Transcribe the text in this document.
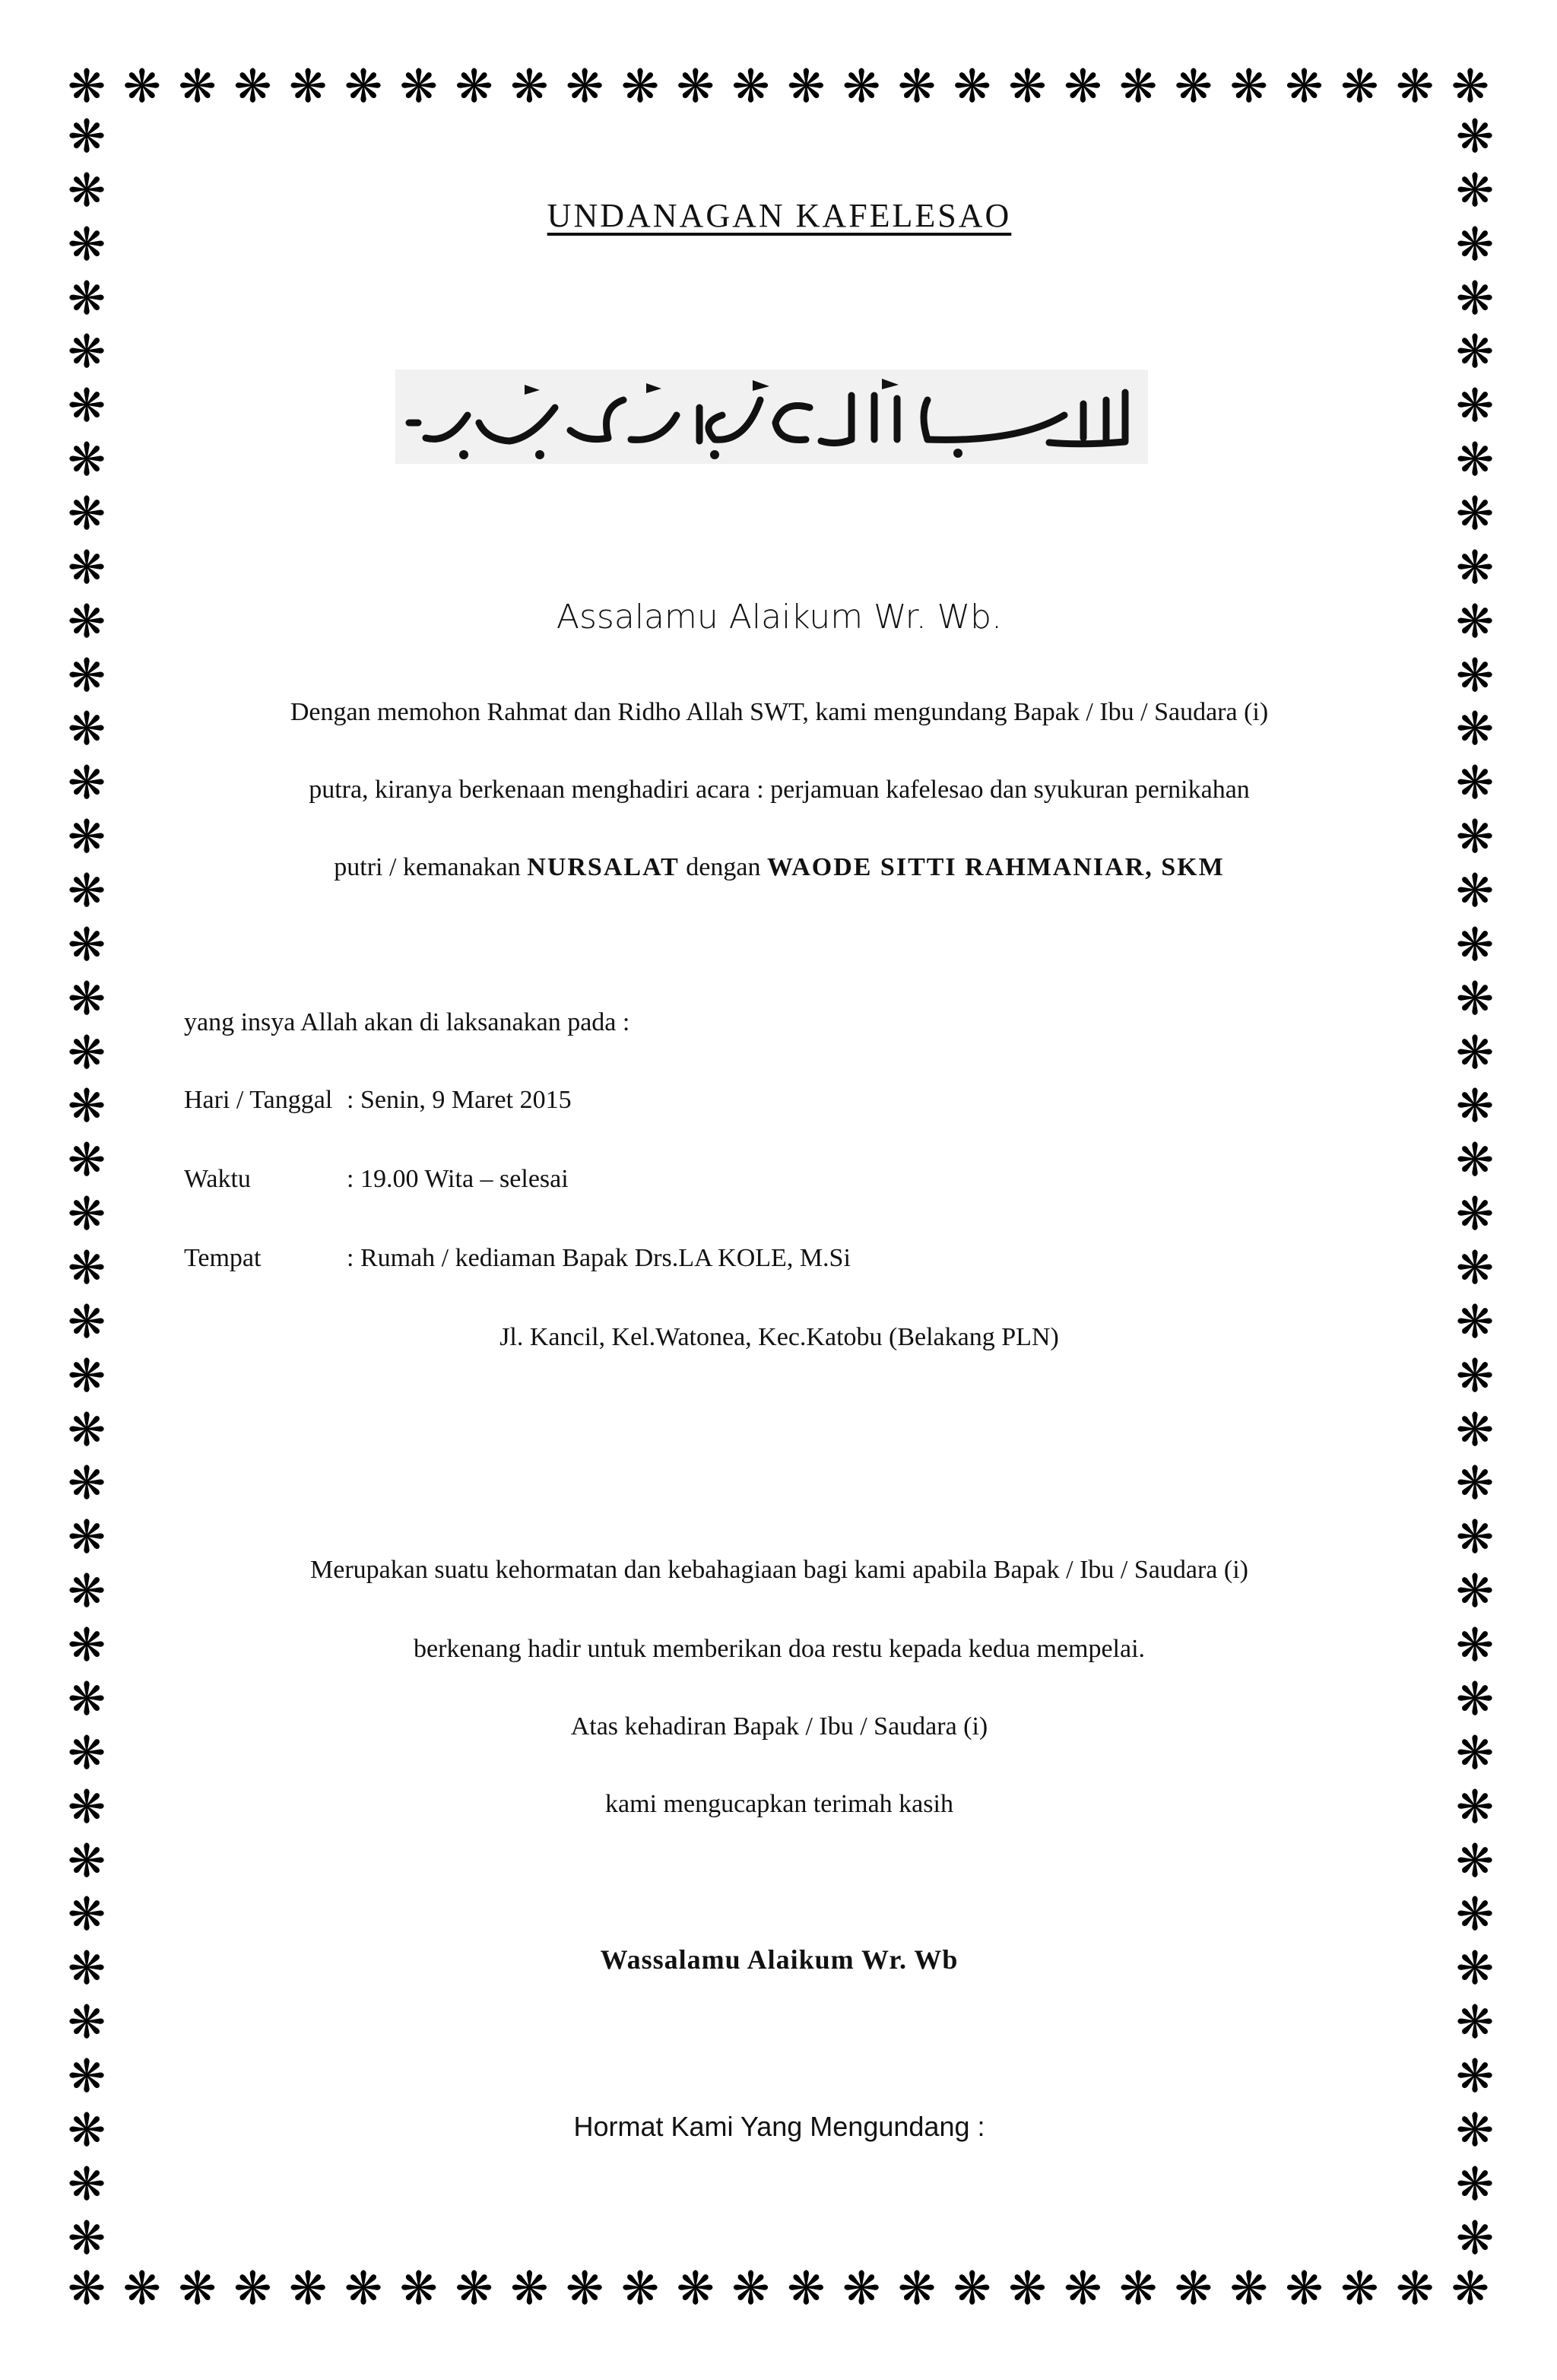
❋ ❋ ❋ ❋ ❋ ❋ ❋ ❋ ❋ ❋ ❋ ❋ ❋ ❋ ❋ ❋ ❋ ❋ ❋ ❋ ❋ ❋ ❋ ❋ ❋ ❋
❋ ❋ ❋ ❋ ❋ ❋ ❋ ❋ ❋ ❋ ❋ ❋ ❋ ❋ ❋ ❋ ❋ ❋ ❋ ❋ ❋ ❋ ❋ ❋ ❋ ❋
❋
❋
❋
❋
❋
❋
❋
❋
❋
❋
❋
❋
❋
❋
❋
❋
❋
❋
❋
❋
❋
❋
❋
❋
❋
❋
❋
❋
❋
❋
❋
❋
❋
❋
❋
❋
❋
❋
❋
❋
❋
❋
❋
❋
❋
❋
❋
❋
❋
❋
❋
❋
❋
❋
❋
❋
❋
❋
❋
❋
❋
❋
❋
❋
❋
❋
❋
❋
❋
❋
❋
❋
❋
❋
❋
❋
❋
❋
❋
❋
UNDANAGAN KAFELESAO
Assalamu Alaikum Wr. Wb.
Dengan memohon Rahmat dan Ridho Allah SWT, kami mengundang Bapak / Ibu / Saudara (i)
putra, kiranya berkenaan menghadiri acara : perjamuan kafelesao dan syukuran pernikahan
putri / kemanakan NURSALAT dengan WAODE SITTI RAHMANIAR, SKM
yang insya Allah akan di laksanakan pada :
Hari / Tanggal : Senin, 9 Maret 2015
Waktu	: 19.00 Wita – selesai
Tempat	: Rumah / kediaman Bapak Drs.LA KOLE, M.Si
Jl. Kancil, Kel.Watonea, Kec.Katobu (Belakang PLN)
Merupakan suatu kehormatan dan kebahagiaan bagi kami apabila Bapak / Ibu / Saudara (i)
berkenang hadir untuk memberikan doa restu kepada kedua mempelai.
Atas kehadiran Bapak / Ibu / Saudara (i)
kami mengucapkan terimah kasih
Wassalamu Alaikum Wr. Wb
Hormat Kami Yang Mengundang :
